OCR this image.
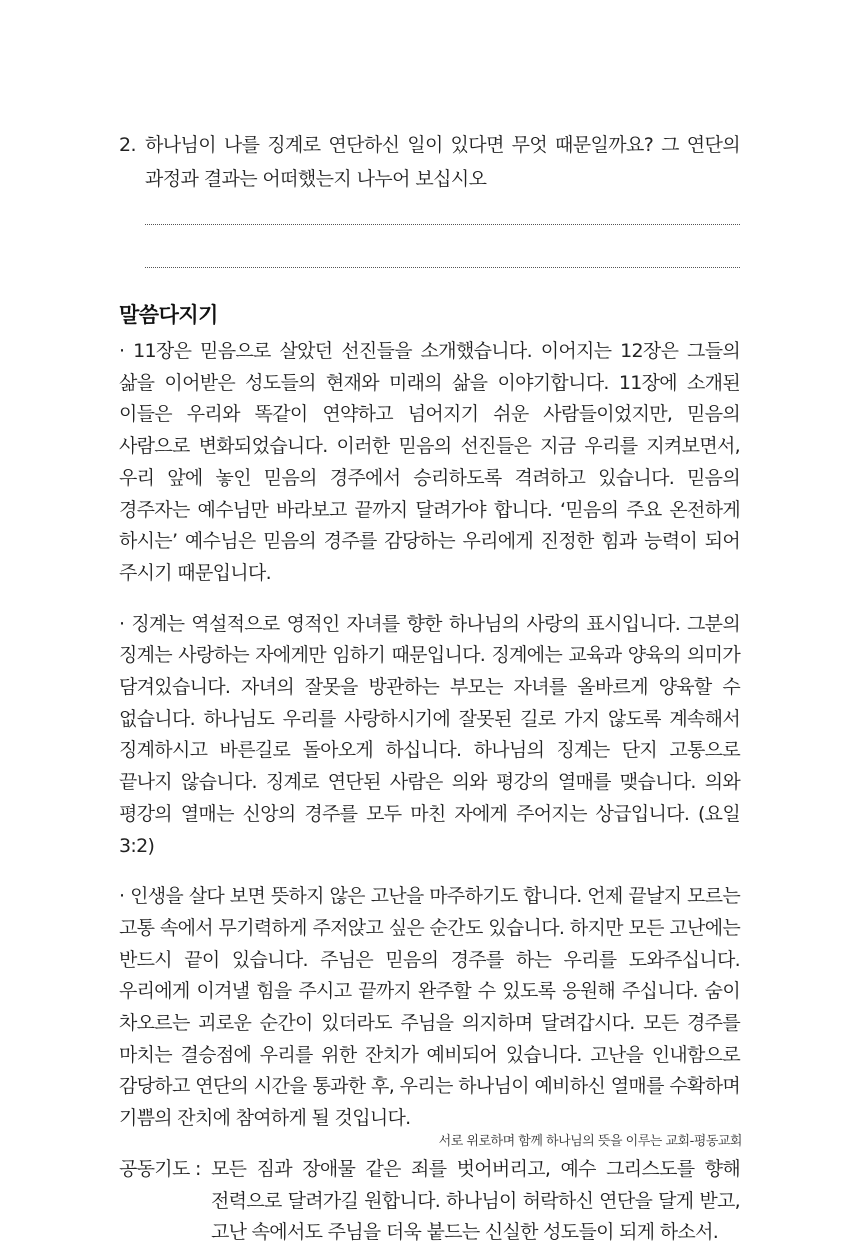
2. 하나님이 나를 징계로 연단하신 일이 있다면 무엇 때문일까요? 그 연단의 과정과 결과는 어떠했는지 나누어 보십시오
말씀다지기

· 11장은 믿음으로 살았던 선진들을 소개했습니다. 이어지는 12장은 그들의 삶을 이어받은 성도들의 현재와 미래의 삶을 이야기합니다. 11장에 소개된 이들은 우리와 똑같이 연약하고 넘어지기 쉬운 사람들이었지만, 믿음의 사람으로 변화되었습니다. 이러한 믿음의 선진들은 지금 우리를 지켜보면서, 우리 앞에 놓인 믿음의 경주에서 승리하도록 격려하고 있습니다. 믿음의 경주자는 예수님만 바라보고 끝까지 달려가야 합니다. ‘믿음의 주요 온전하게 하시는’ 예수님은 믿음의 경주를 감당하는 우리에게 진정한 힘과 능력이 되어 주시기 때문입니다.

· 징계는 역설적으로 영적인 자녀를 향한 하나님의 사랑의 표시입니다. 그분의 징계는 사랑하는 자에게만 임하기 때문입니다. 징계에는 교육과 양육의 의미가 담겨있습니다. 자녀의 잘못을 방관하는 부모는 자녀를 올바르게 양육할 수 없습니다. 하나님도 우리를 사랑하시기에 잘못된 길로 가지 않도록 계속해서 징계하시고 바른길로 돌아오게 하십니다. 하나님의 징계는 단지 고통으로 끝나지 않습니다. 징계로 연단된 사람은 의와 평강의 열매를 맺습니다. 의와 평강의 열매는 신앙의 경주를 모두 마친 자에게 주어지는 상급입니다. (요일 3:2)

· 인생을 살다 보면 뜻하지 않은 고난을 마주하기도 합니다. 언제 끝날지 모르는 고통 속에서 무기력하게 주저앉고 싶은 순간도 있습니다. 하지만 모든 고난에는 반드시 끝이 있습니다. 주님은 믿음의 경주를 하는 우리를 도와주십니다. 우리에게 이겨낼 힘을 주시고 끝까지 완주할 수 있도록 응원해 주십니다. 숨이 차오르는 괴로운 순간이 있더라도 주님을 의지하며 달려갑시다. 모든 경주를 마치는 결승점에 우리를 위한 잔치가 예비되어 있습니다. 고난을 인내함으로 감당하고 연단의 시간을 통과한 후, 우리는 하나님이 예비하신 열매를 수확하며 기쁨의 잔치에 참여하게 될 것입니다.

공동기도 : 모든 짐과 장애물 같은 죄를 벗어버리고, 예수 그리스도를 향해 전력으로 달려가길 원합니다. 하나님이 허락하신 연단을 달게 받고, 고난 속에서도 주님을 더욱 붙드는 신실한 성도들이 되게 하소서.
서로 위로하며 함께 하나님의 뜻을 이루는 교회-평동교회
